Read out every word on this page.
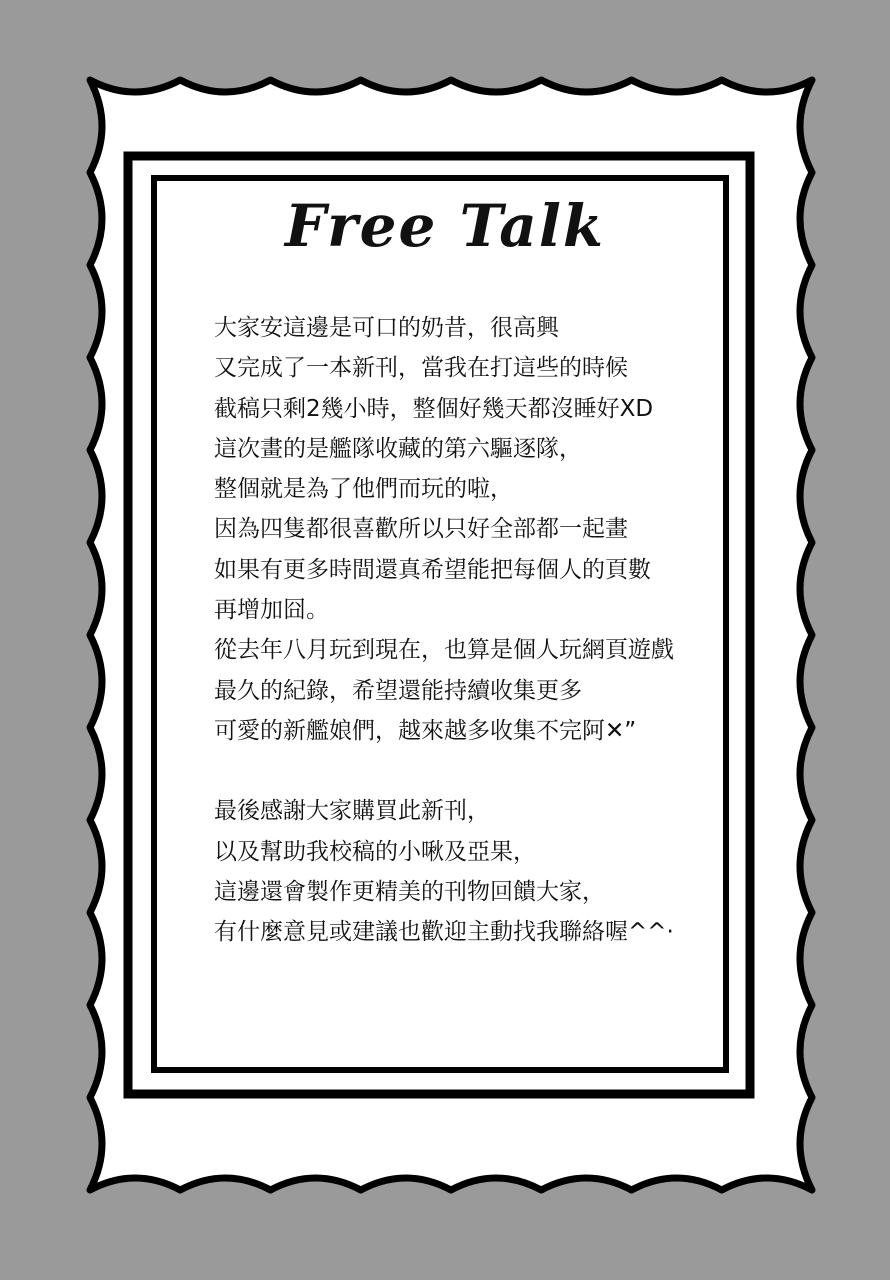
Free Talk

大家安這邊是可口的奶昔，很高興
又完成了一本新刊，當我在打這些的時候
截稿只剩2幾小時，整個好幾天都沒睡好XD
這次畫的是艦隊收藏的第六驅逐隊，
整個就是為了他們而玩的啦，
因為四隻都很喜歡所以只好全部都一起畫
如果有更多時間還真希望能把每個人的頁數
再增加囧。
從去年八月玩到現在，也算是個人玩網頁遊戲
最久的紀錄，希望還能持續收集更多
可愛的新艦娘們，越來越多收集不完阿✕”

最後感謝大家購買此新刊，
以及幫助我校稿的小啾及亞果，
這邊還會製作更精美的刊物回饋大家，
有什麼意見或建議也歡迎主動找我聯絡喔^^·
